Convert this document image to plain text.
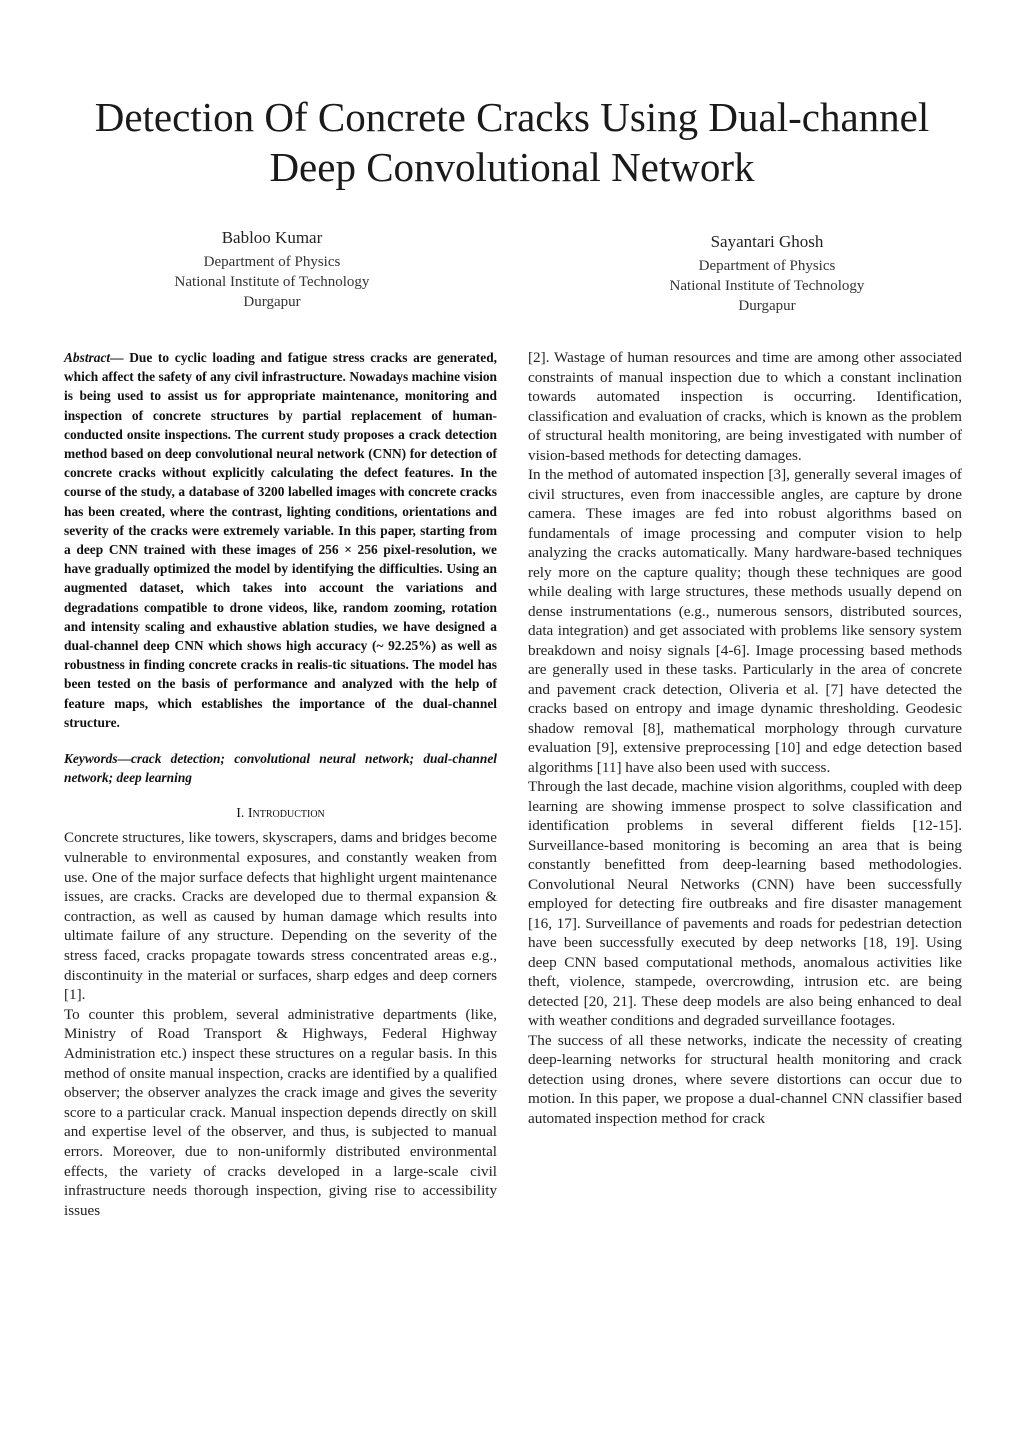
Detection Of Concrete Cracks Using Dual-channel
Deep Convolutional Network
Babloo Kumar
Department of Physics
National Institute of Technology
Durgapur
Sayantari Ghosh
Department of Physics
National Institute of Technology
Durgapur

Abstract— Due to cyclic loading and fatigue stress cracks are generated, which affect the safety of any civil infrastructure. Nowadays machine vision is being used to assist us for appropriate maintenance, monitoring and inspection of concrete structures by partial replacement of human-conducted onsite inspections. The current study proposes a crack detection method based on deep convolutional neural network (CNN) for detection of concrete cracks without explicitly calculating the defect features. In the course of the study, a database of 3200 labelled images with concrete cracks has been created, where the contrast, lighting conditions, orientations and severity of the cracks were extremely variable. In this paper, starting from a deep CNN trained with these images of 256 × 256 pixel-resolution, we have gradually optimized the model by identifying the difficulties. Using an augmented dataset, which takes into account the variations and degradations compatible to drone videos, like, random zooming, rotation and intensity scaling and exhaustive ablation studies, we have designed a dual-channel deep CNN which shows high accuracy (~ 92.25%) as well as robustness in finding concrete cracks in realis-tic situations. The model has been tested on the basis of performance and analyzed with the help of feature maps, which establishes the importance of the dual-channel structure.

Keywords—crack detection; convolutional neural network; dual-channel network; deep learning

I. Introduction

Concrete structures, like towers, skyscrapers, dams and bridges become vulnerable to environmental exposures, and constantly weaken from use. One of the major surface defects that highlight urgent maintenance issues, are cracks. Cracks are developed due to thermal expansion & contraction, as well as caused by human damage which results into ultimate failure of any structure. Depending on the severity of the stress faced, cracks propagate towards stress concentrated areas e.g., discontinuity in the material or surfaces, sharp edges and deep corners [1].

To counter this problem, several administrative departments (like, Ministry of Road Transport & Highways, Federal Highway Administration etc.) inspect these structures on a regular basis. In this method of onsite manual inspection, cracks are identified by a qualified observer; the observer analyzes the crack image and gives the severity score to a particular crack. Manual inspection depends directly on skill and expertise level of the observer, and thus, is subjected to manual errors. Moreover, due to non-uniformly distributed environmental effects, the variety of cracks developed in a large-scale civil infrastructure needs thorough inspection, giving rise to accessibility issues

[2]. Wastage of human resources and time are among other associated constraints of manual inspection due to which a constant inclination towards automated inspection is occurring. Identification, classification and evaluation of cracks, which is known as the problem of structural health monitoring, are being investigated with number of vision-based methods for detecting damages.

In the method of automated inspection [3], generally several images of civil structures, even from inaccessible angles, are capture by drone camera. These images are fed into robust algorithms based on fundamentals of image processing and computer vision to help analyzing the cracks automatically. Many hardware-based techniques rely more on the capture quality; though these techniques are good while dealing with large structures, these methods usually depend on dense instrumentations (e.g., numerous sensors, distributed sources, data integration) and get associated with problems like sensory system breakdown and noisy signals [4-6]. Image processing based methods are generally used in these tasks. Particularly in the area of concrete and pavement crack detection, Oliveria et al. [7] have detected the cracks based on entropy and image dynamic thresholding. Geodesic shadow removal [8], mathematical morphology through curvature evaluation [9], extensive preprocessing [10] and edge detection based algorithms [11] have also been used with success.

Through the last decade, machine vision algorithms, coupled with deep learning are showing immense prospect to solve classification and identification problems in several different fields [12-15]. Surveillance-based monitoring is becoming an area that is being constantly benefitted from deep-learning based methodologies. Convolutional Neural Networks (CNN) have been successfully employed for detecting fire outbreaks and fire disaster management [16, 17]. Surveillance of pavements and roads for pedestrian detection have been successfully executed by deep networks [18, 19]. Using deep CNN based computational methods, anomalous activities like theft, violence, stampede, overcrowding, intrusion etc. are being detected [20, 21]. These deep models are also being enhanced to deal with weather conditions and degraded surveillance footages.

The success of all these networks, indicate the necessity of creating deep-learning networks for structural health monitoring and crack detection using drones, where severe distortions can occur due to motion. In this paper, we propose a dual-channel CNN classifier based automated inspection method for crack
